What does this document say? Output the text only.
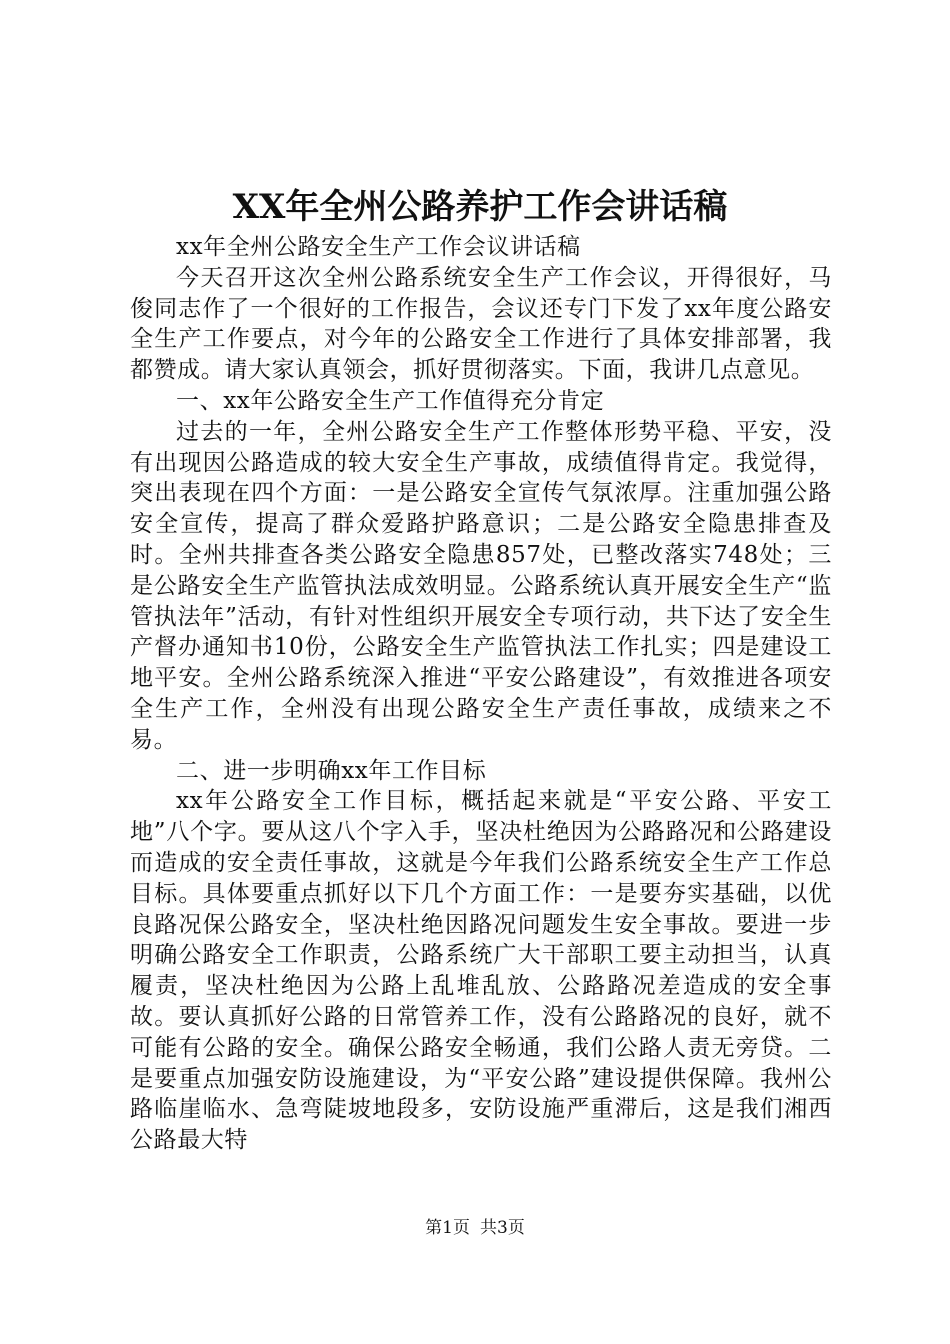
XX年全州公路养护工作会讲话稿

xx年全州公路安全生产工作会议讲话稿

今天召开这次全州公路系统安全生产工作会议，开得很好，马俊同志作了一个很好的工作报告，会议还专门下发了xx年度公路安全生产工作要点，对今年的公路安全工作进行了具体安排部署，我都赞成。请大家认真领会，抓好贯彻落实。下面，我讲几点意见。

一、xx年公路安全生产工作值得充分肯定

过去的一年，全州公路安全生产工作整体形势平稳、平安，没有出现因公路造成的较大安全生产事故，成绩值得肯定。我觉得，突出表现在四个方面：一是公路安全宣传气氛浓厚。注重加强公路安全宣传，提高了群众爱路护路意识；二是公路安全隐患排查及时。全州共排查各类公路安全隐患857处，已整改落实748处；三是公路安全生产监管执法成效明显。公路系统认真开展安全生产“监管执法年”活动，有针对性组织开展安全专项行动，共下达了安全生产督办通知书10份，公路安全生产监管执法工作扎实；四是建设工地平安。全州公路系统深入推进“平安公路建设”，有效推进各项安全生产工作，全州没有出现公路安全生产责任事故，成绩来之不易。

二、进一步明确xx年工作目标

xx年公路安全工作目标，概括起来就是“平安公路、平安工地”八个字。要从这八个字入手，坚决杜绝因为公路路况和公路建设而造成的安全责任事故，这就是今年我们公路系统安全生产工作总目标。具体要重点抓好以下几个方面工作：一是要夯实基础，以优良路况保公路安全，坚决杜绝因路况问题发生安全事故。要进一步明确公路安全工作职责，公路系统广大干部职工要主动担当，认真履责，坚决杜绝因为公路上乱堆乱放、公路路况差造成的安全事故。要认真抓好公路的日常管养工作，没有公路路况的良好，就不可能有公路的安全。确保公路安全畅通，我们公路人责无旁贷。二是要重点加强安防设施建设，为“平安公路”建设提供保障。我州公路临崖临水、急弯陡坡地段多，安防设施严重滞后，这是我们湘西公路最大特

第1页 共3页
